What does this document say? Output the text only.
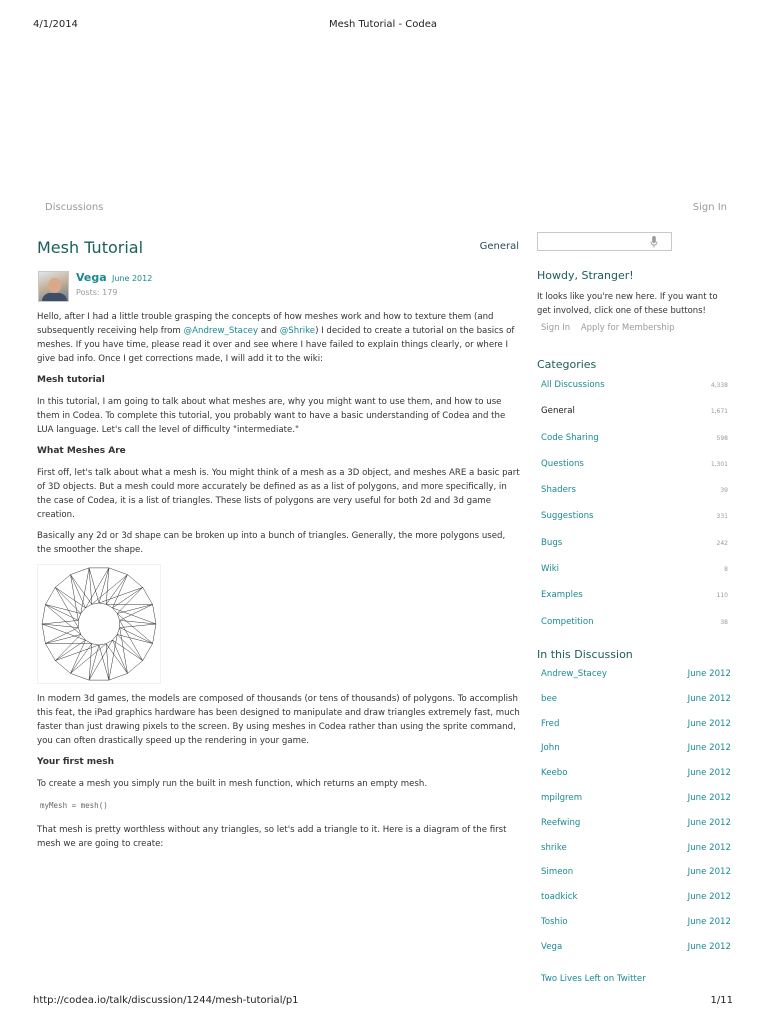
4/1/2014	Mesh Tutorial - Codea
Discussions	Sign In
Mesh Tutorial	General
Vega June 2012
Posts: 179

Hello, after I had a little trouble grasping the concepts of how meshes work and how to texture them (and subsequently receiving help from @Andrew_Stacey and @Shrike) I decided to create a tutorial on the basics of meshes. If you have time, please read it over and see where I have failed to explain things clearly, or where I give bad info. Once I get corrections made, I will add it to the wiki:

Mesh tutorial

In this tutorial, I am going to talk about what meshes are, why you might want to use them, and how to use them in Codea. To complete this tutorial, you probably want to have a basic understanding of Codea and the LUA language. Let's call the level of difficulty "intermediate."

What Meshes Are

First off, let's talk about what a mesh is. You might think of a mesh as a 3D object, and meshes ARE a basic part of 3D objects. But a mesh could more accurately be defined as as a list of polygons, and more specifically, in the case of Codea, it is a list of triangles. These lists of polygons are very useful for both 2d and 3d game creation.

Basically any 2d or 3d shape can be broken up into a bunch of triangles. Generally, the more polygons used, the smoother the shape.

In modern 3d games, the models are composed of thousands (or tens of thousands) of polygons. To accomplish this feat, the iPad graphics hardware has been designed to manipulate and draw triangles extremely fast, much faster than just drawing pixels to the screen. By using meshes in Codea rather than using the sprite command, you can often drastically speed up the rendering in your game.

Your first mesh

To create a mesh you simply run the built in mesh function, which returns an empty mesh.

myMesh = mesh()

That mesh is pretty worthless without any triangles, so let's add a triangle to it. Here is a diagram of the first mesh we are going to create:

Howdy, Stranger!
It looks like you're new here. If you want to get involved, click one of these buttons!
Sign In Apply for Membership
Categories
All Discussions	4,338
General	1,671
Code Sharing	598
Questions	1,301
Shaders	39
Suggestions	331
Bugs	242
Wiki	8
Examples	110
Competition	38
In this Discussion
Andrew_Stacey	June 2012
bee	June 2012
Fred	June 2012
John	June 2012
Keebo	June 2012
mpilgrem	June 2012
Reefwing	June 2012
shrike	June 2012
Simeon	June 2012
toadkick	June 2012
Toshio	June 2012
Vega	June 2012
Two Lives Left on Twitter
http://codea.io/talk/discussion/1244/mesh-tutorial/p1	1/11
